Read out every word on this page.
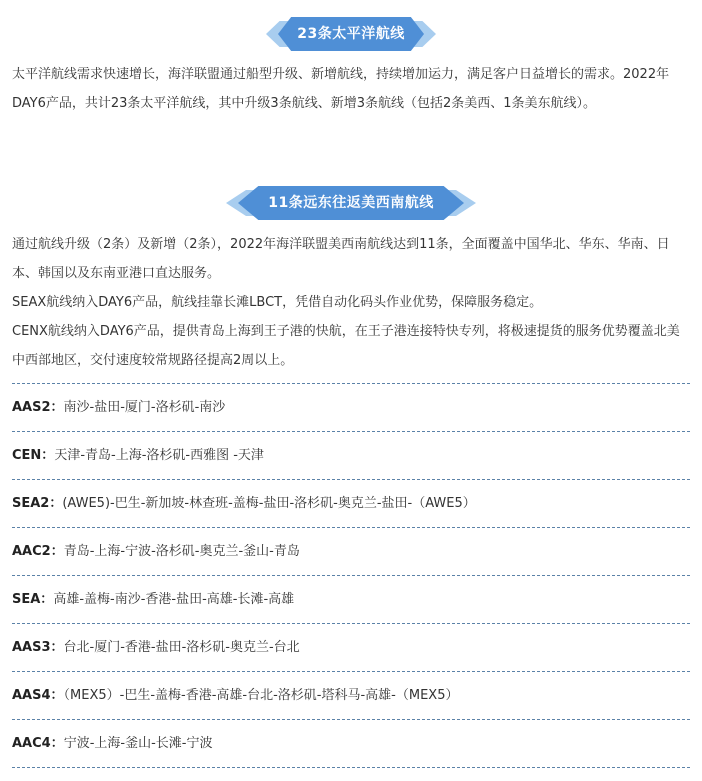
23条太平洋航线
太平洋航线需求快速增长，海洋联盟通过船型升级、新增航线，持续增加运力，满足客户日益增长的需求。2022年DAY6产品，共计23条太平洋航线，其中升级3条航线、新增3条航线（包括2条美西、1条美东航线）。
11条远东往返美西南航线
通过航线升级（2条）及新增（2条），2022年海洋联盟美西南航线达到11条，全面覆盖中国华北、华东、华南、日本、韩国以及东南亚港口直达服务。
SEAX航线纳入DAY6产品，航线挂靠长滩LBCT，凭借自动化码头作业优势，保障服务稳定。
CENX航线纳入DAY6产品，提供青岛上海到王子港的快航，在王子港连接特快专列，将极速提货的服务优势覆盖北美中西部地区，交付速度较常规路径提高2周以上。
AAS2：南沙-盐田-厦门-洛杉矶-南沙
CEN：天津-青岛-上海-洛杉矶-西雅图 -天津
SEA2：(AWE5)-巴生-新加坡-林查班-盖梅-盐田-洛杉矶-奥克兰-盐田-（AWE5）
AAC2：青岛-上海-宁波-洛杉矶-奥克兰-釜山-青岛
SEA：高雄-盖梅-南沙-香港-盐田-高雄-长滩-高雄
AAS3：台北-厦门-香港-盐田-洛杉矶-奥克兰-台北
AAS4：（MEX5）-巴生-盖梅-香港-高雄-台北-洛杉矶-塔科马-高雄-（MEX5）
AAC4：宁波-上海-釜山-长滩-宁波
